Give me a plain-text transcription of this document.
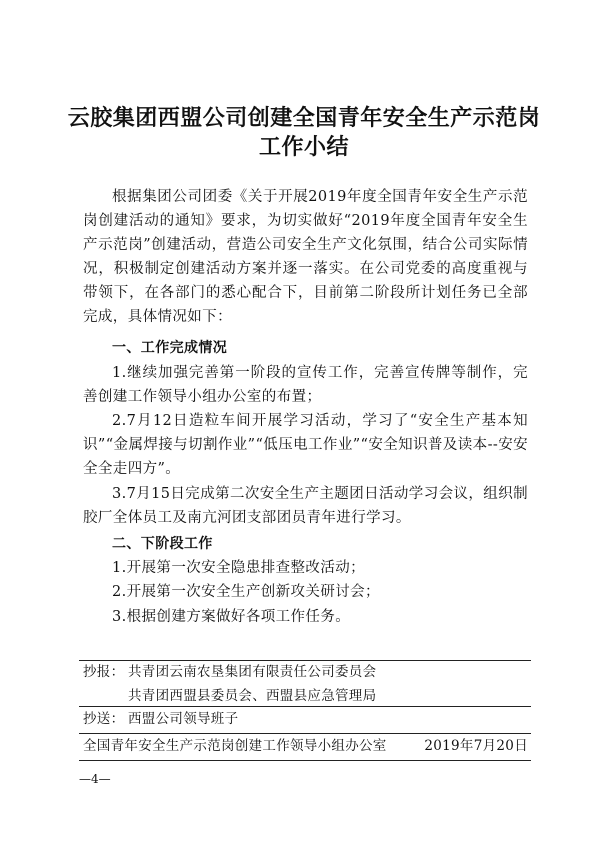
云胶集团西盟公司创建全国青年安全生产示范岗
工作小结
根据集团公司团委《关于开展2019年度全国青年安全生产示范岗创建活动的通知》要求，为切实做好“2019年度全国青年安全生产示范岗”创建活动，营造公司安全生产文化氛围，结合公司实际情况，积极制定创建活动方案并逐一落实。在公司党委的高度重视与带领下，在各部门的悉心配合下，目前第二阶段所计划任务已全部完成，具体情况如下：
一、工作完成情况
1.继续加强完善第一阶段的宣传工作，完善宣传牌等制作，完善创建工作领导小组办公室的布置；
2.7月12日造粒车间开展学习活动，学习了“安全生产基本知识”“金属焊接与切割作业”“低压电工作业”“安全知识普及读本--安安全全走四方”。
3.7月15日完成第二次安全生产主题团日活动学习会议，组织制胶厂全体员工及南亢河团支部团员青年进行学习。
二、下阶段工作
1.开展第一次安全隐患排查整改活动；
2.开展第一次安全生产创新攻关研讨会；
3.根据创建方案做好各项工作任务。
抄报： 共青团云南农垦集团有限责任公司委员会
共青团西盟县委员会、西盟县应急管理局
抄送： 西盟公司领导班子
全国青年安全生产示范岗创建工作领导小组办公室	2019年7月20日
—4—
